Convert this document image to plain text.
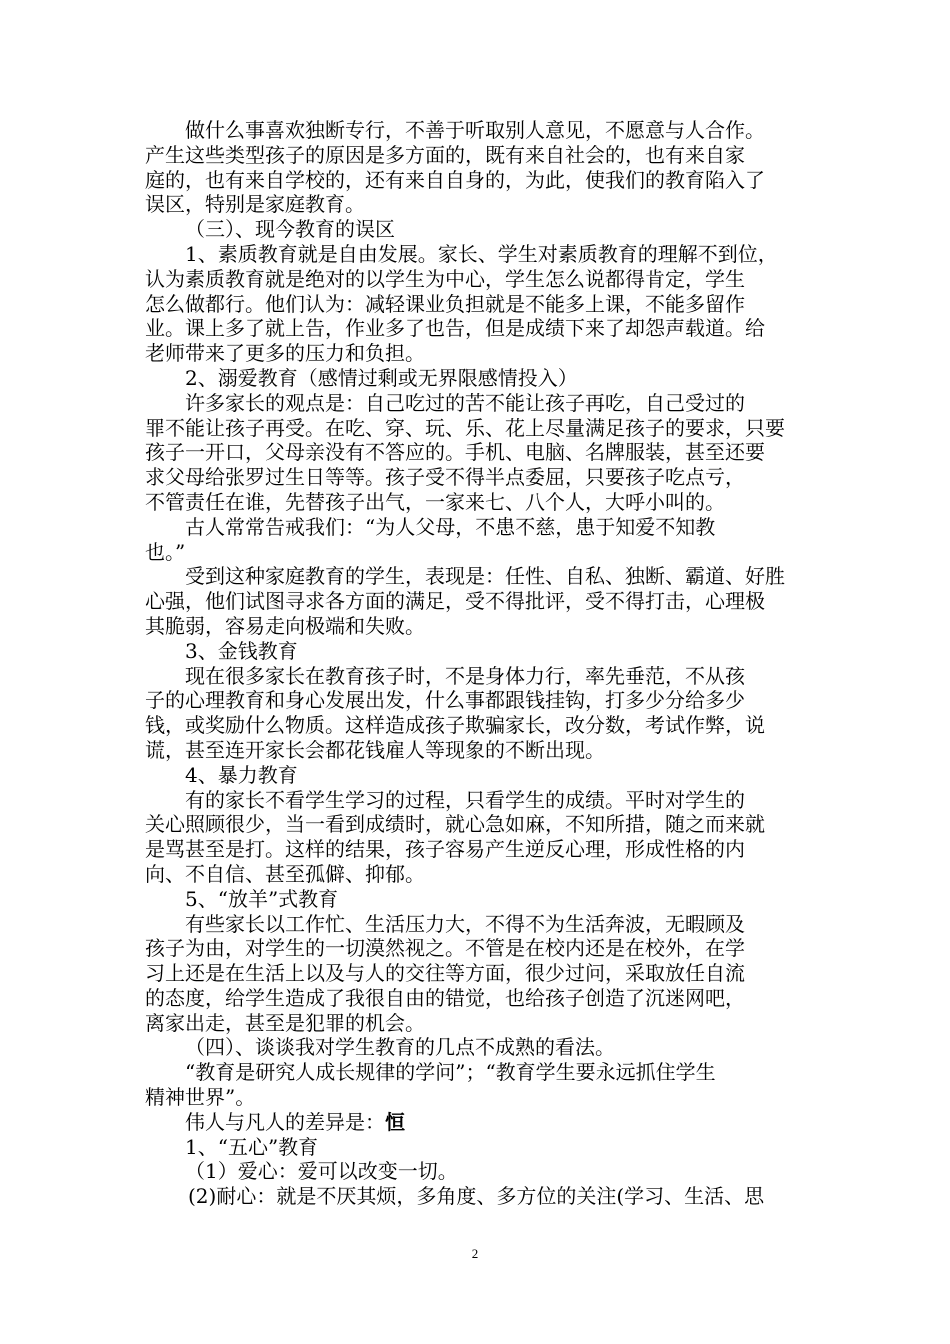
做什么事喜欢独断专行，不善于听取别人意见，不愿意与人合作。
产生这些类型孩子的原因是多方面的，既有来自社会的，也有来自家
庭的，也有来自学校的，还有来自自身的，为此，使我们的教育陷入了
误区，特别是家庭教育。
（三）、现今教育的误区
1、素质教育就是自由发展。家长、学生对素质教育的理解不到位，
认为素质教育就是绝对的以学生为中心，学生怎么说都得肯定，学生
怎么做都行。他们认为：减轻课业负担就是不能多上课，不能多留作
业。课上多了就上告，作业多了也告，但是成绩下来了却怨声载道。给
老师带来了更多的压力和负担。
2、溺爱教育（感情过剩或无界限感情投入）
许多家长的观点是：自己吃过的苦不能让孩子再吃，自己受过的
罪不能让孩子再受。在吃、穿、玩、乐、花上尽量满足孩子的要求，只要
孩子一开口，父母亲没有不答应的。手机、电脑、名牌服装，甚至还要
求父母给张罗过生日等等。孩子受不得半点委屈，只要孩子吃点亏，
不管责任在谁，先替孩子出气，一家来七、八个人，大呼小叫的。
古人常常告戒我们：“为人父母，不患不慈，患于知爱不知教
也。”
受到这种家庭教育的学生，表现是：任性、自私、独断、霸道、好胜
心强，他们试图寻求各方面的满足，受不得批评，受不得打击，心理极
其脆弱，容易走向极端和失败。
3、金钱教育
现在很多家长在教育孩子时，不是身体力行，率先垂范，不从孩
子的心理教育和身心发展出发，什么事都跟钱挂钩，打多少分给多少
钱，或奖励什么物质。这样造成孩子欺骗家长，改分数，考试作弊，说
谎，甚至连开家长会都花钱雇人等现象的不断出现。
4、暴力教育
有的家长不看学生学习的过程，只看学生的成绩。平时对学生的
关心照顾很少，当一看到成绩时，就心急如麻，不知所措，随之而来就
是骂甚至是打。这样的结果，孩子容易产生逆反心理，形成性格的内
向、不自信、甚至孤僻、抑郁。
5、“放羊”式教育
有些家长以工作忙、生活压力大，不得不为生活奔波，无暇顾及
孩子为由，对学生的一切漠然视之。不管是在校内还是在校外，在学
习上还是在生活上以及与人的交往等方面，很少过问，采取放任自流
的态度，给学生造成了我很自由的错觉，也给孩子创造了沉迷网吧，
离家出走，甚至是犯罪的机会。
（四）、谈谈我对学生教育的几点不成熟的看法。
“教育是研究人成长规律的学问”；“教育学生要永远抓住学生
精神世界”。
伟人与凡人的差异是：恒
1、“五心”教育
（1）爱心：爱可以改变一切。
(2)耐心：就是不厌其烦，多角度、多方位的关注(学习、生活、思
2
